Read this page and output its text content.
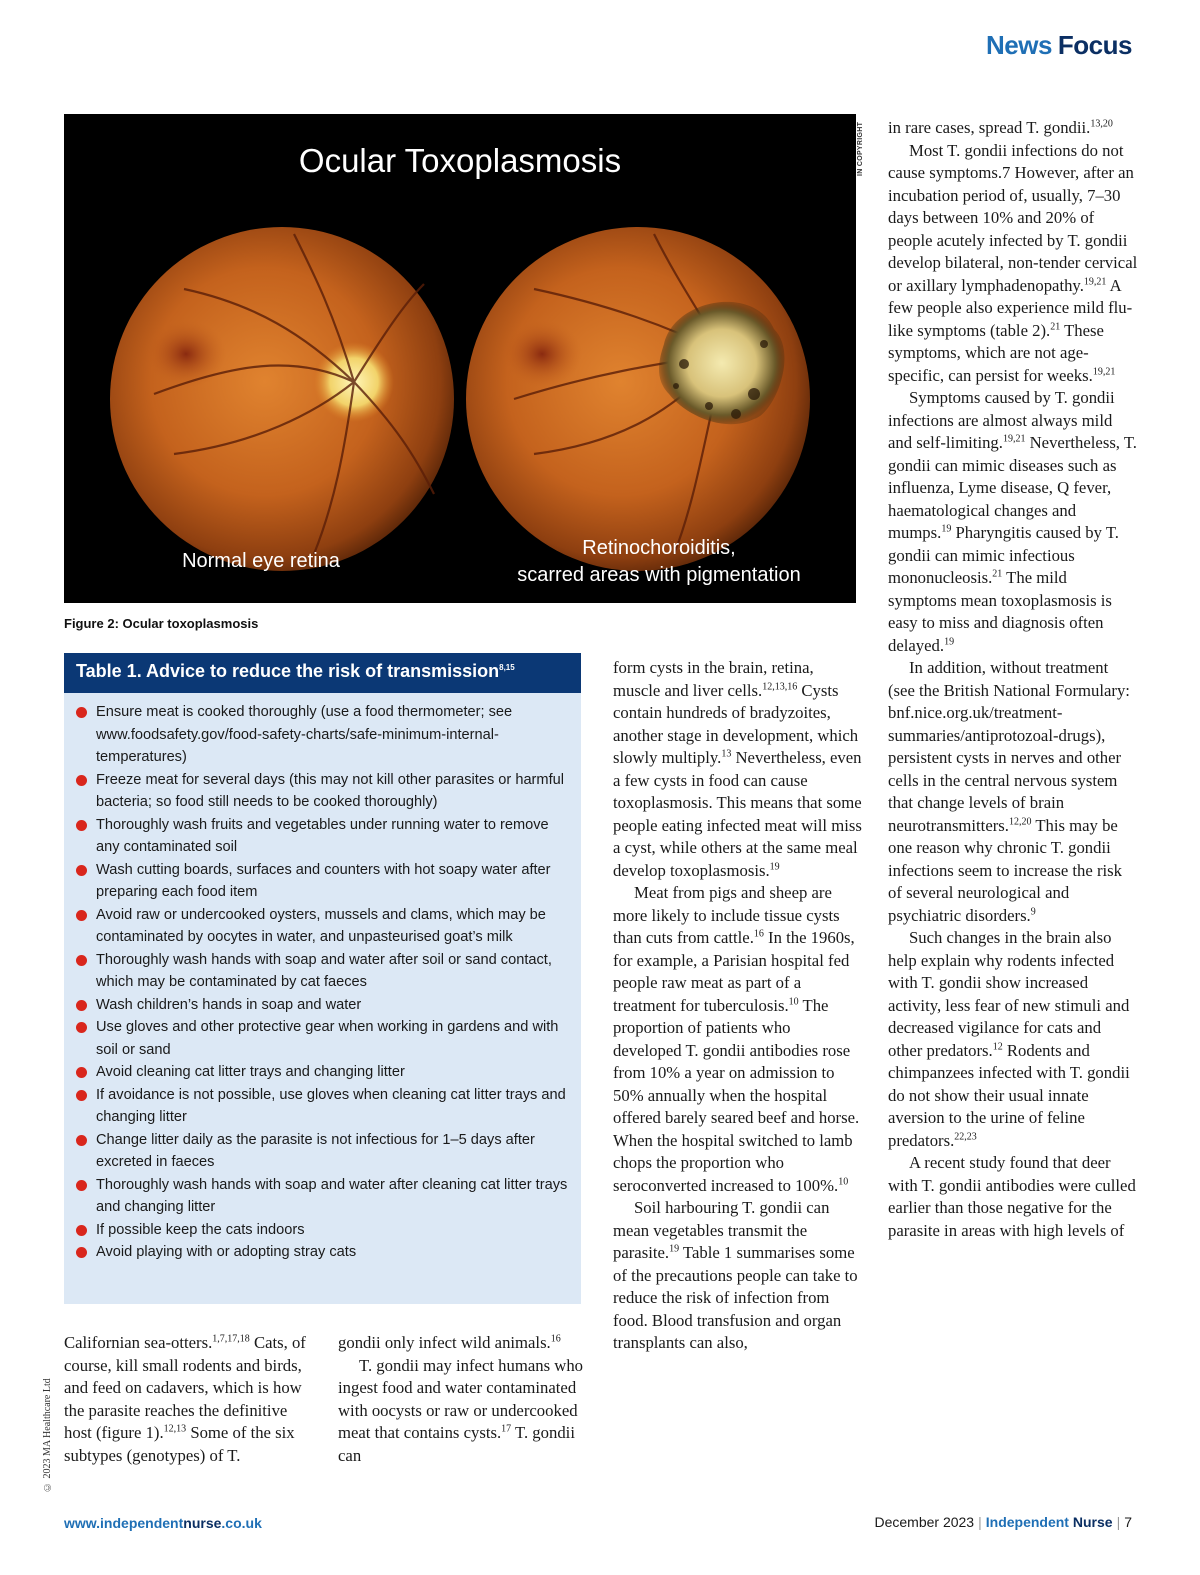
News Focus
Ocular Toxoplasmosis
Normal eye retina
Retinochoroiditis,
scarred areas with pigmentation
IN COPYRIGHT
Figure 2: Ocular toxoplasmosis
Table 1. Advice to reduce the risk of transmission$^{8,15}$
Ensure meat is cooked thoroughly (use a food thermometer; see www.foodsafety.gov/food-safety-charts/safe-minimum-internal-temperatures)
Freeze meat for several days (this may not kill other parasites or harmful bacteria; so food still needs to be cooked thoroughly)
Thoroughly wash fruits and vegetables under running water to remove any contaminated soil
Wash cutting boards, surfaces and counters with hot soapy water after preparing each food item
Avoid raw or undercooked oysters, mussels and clams, which may be contaminated by oocytes in water, and unpasteurised goat’s milk
Thoroughly wash hands with soap and water after soil or sand contact, which may be contaminated by cat faeces
Wash children’s hands in soap and water
Use gloves and other protective gear when working in gardens and with soil or sand
Avoid cleaning cat litter trays and changing litter
If avoidance is not possible, use gloves when cleaning cat litter trays and changing litter
Change litter daily as the parasite is not infectious for 1–5 days after excreted in faeces
Thoroughly wash hands with soap and water after cleaning cat litter trays and changing litter
If possible keep the cats indoors
Avoid playing with or adopting stray cats

Californian sea-otters.$^{1,7,17,18}$ Cats, of course, kill small rodents and birds, and feed on cadavers, which is how the parasite reaches the definitive host (figure 1).$^{12,13}$ Some of the six subtypes (genotypes) of T.

gondii only infect wild animals.$^{16}$

T. gondii may infect humans who ingest food and water contaminated with oocysts or raw or undercooked meat that contains cysts.$^{17}$ T. gondii can

form cysts in the brain, retina, muscle and liver cells.$^{12,13,16}$ Cysts contain hundreds of bradyzoites, another stage in development, which slowly multiply.$^{13}$ Nevertheless, even a few cysts in food can cause toxoplasmosis. This means that some people eating infected meat will miss a cyst, while others at the same meal develop toxoplasmosis.$^{19}$

Meat from pigs and sheep are more likely to include tissue cysts than cuts from cattle.$^{16}$ In the 1960s, for example, a Parisian hospital fed people raw meat as part of a treatment for tuberculosis.$^{10}$ The proportion of patients who developed T. gondii antibodies rose from 10% a year on admission to 50% annually when the hospital offered barely seared beef and horse. When the hospital switched to lamb chops the proportion who seroconverted increased to 100%.$^{10}$

Soil harbouring T. gondii can mean vegetables transmit the parasite.$^{19}$ Table 1 summarises some of the precautions people can take to reduce the risk of infection from food. Blood transfusion and organ transplants can also,

in rare cases, spread T. gondii.$^{13,20}$

Most T. gondii infections do not cause symptoms.7 However, after an incubation period of, usually, 7–30 days between 10% and 20% of people acutely infected by T. gondii develop bilateral, non-tender cervical or axillary lymphadenopathy.$^{19,21}$ A few people also experience mild flu-like symptoms (table 2).$^{21}$ These symptoms, which are not age-specific, can persist for weeks.$^{19,21}$

Symptoms caused by T. gondii infections are almost always mild and self-limiting.$^{19,21}$ Nevertheless, T. gondii can mimic diseases such as influenza, Lyme disease, Q fever, haematological changes and mumps.$^{19}$ Pharyngitis caused by T. gondii can mimic infectious mononucleosis.$^{21}$ The mild symptoms mean toxoplasmosis is easy to miss and diagnosis often delayed.$^{19}$

In addition, without treatment (see the British National Formulary: bnf.nice.org.uk/treatment-summaries/antiprotozoal-drugs), persistent cysts in nerves and other cells in the central nervous system that change levels of brain neurotransmitters.$^{12,20}$ This may be one reason why chronic T. gondii infections seem to increase the risk of several neurological and psychiatric disorders.$^9$

Such changes in the brain also help explain why rodents infected with T. gondii show increased activity, less fear of new stimuli and decreased vigilance for cats and other predators.$^{12}$ Rodents and chimpanzees infected with T. gondii do not show their usual innate aversion to the urine of feline predators.$^{22,23}$

A recent study found that deer with T. gondii antibodies were culled earlier than those negative for the parasite in areas with high levels of

© 2023 MA Healthcare Ltd
www.independentnurse.co.uk	December 2023 | Independent Nurse | 7
